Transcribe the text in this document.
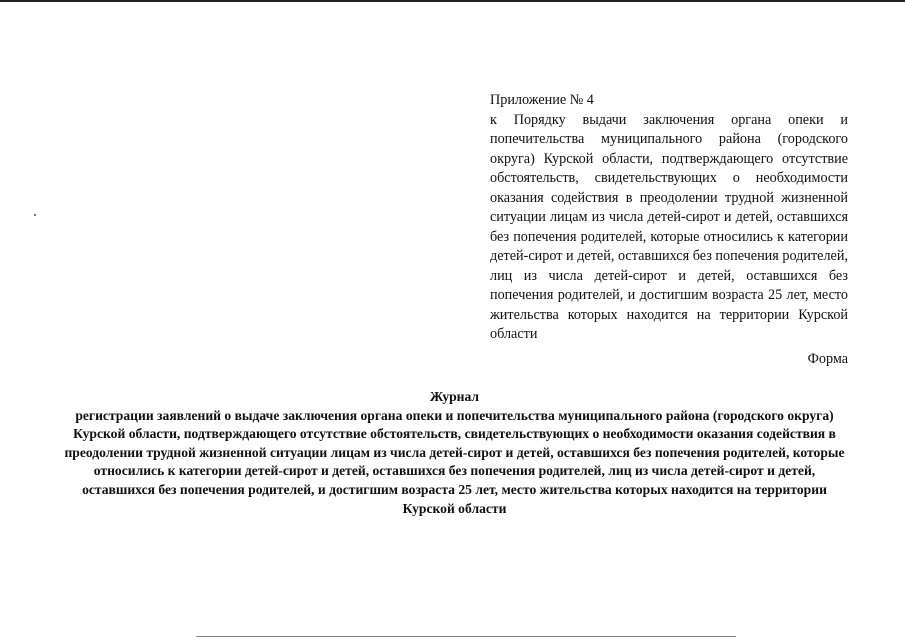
Приложение № 4

к Порядку выдачи заключения органа опеки и попечительства муниципального района (городского округа) Курской области, подтверждающего отсутствие обстоятельств, свидетельствующих о необходимости оказания содействия в преодолении трудной жизненной ситуации лицам из числа детей-сирот и детей, оставшихся без попечения родителей, которые относились к категории детей-сирот и детей, оставшихся без попечения родителей, лиц из числа детей-сирот и детей, оставшихся без попечения родителей, и достигшим возраста 25 лет, место жительства которых находится на территории Курской области

Форма

Журнал

регистрации заявлений о выдаче заключения органа опеки и попечительства муниципального района (городского округа) Курской области, подтверждающего отсутствие обстоятельств, свидетельствующих о необходимости оказания содействия в преодолении трудной жизненной ситуации лицам из числа детей-сирот и детей, оставшихся без попечения родителей, которые относились к категории детей-сирот и детей, оставшихся без попечения родителей, лиц из числа детей-сирот и детей, оставшихся без попечения родителей, и достигшим возраста 25 лет, место жительства которых находится на территории Курской области
